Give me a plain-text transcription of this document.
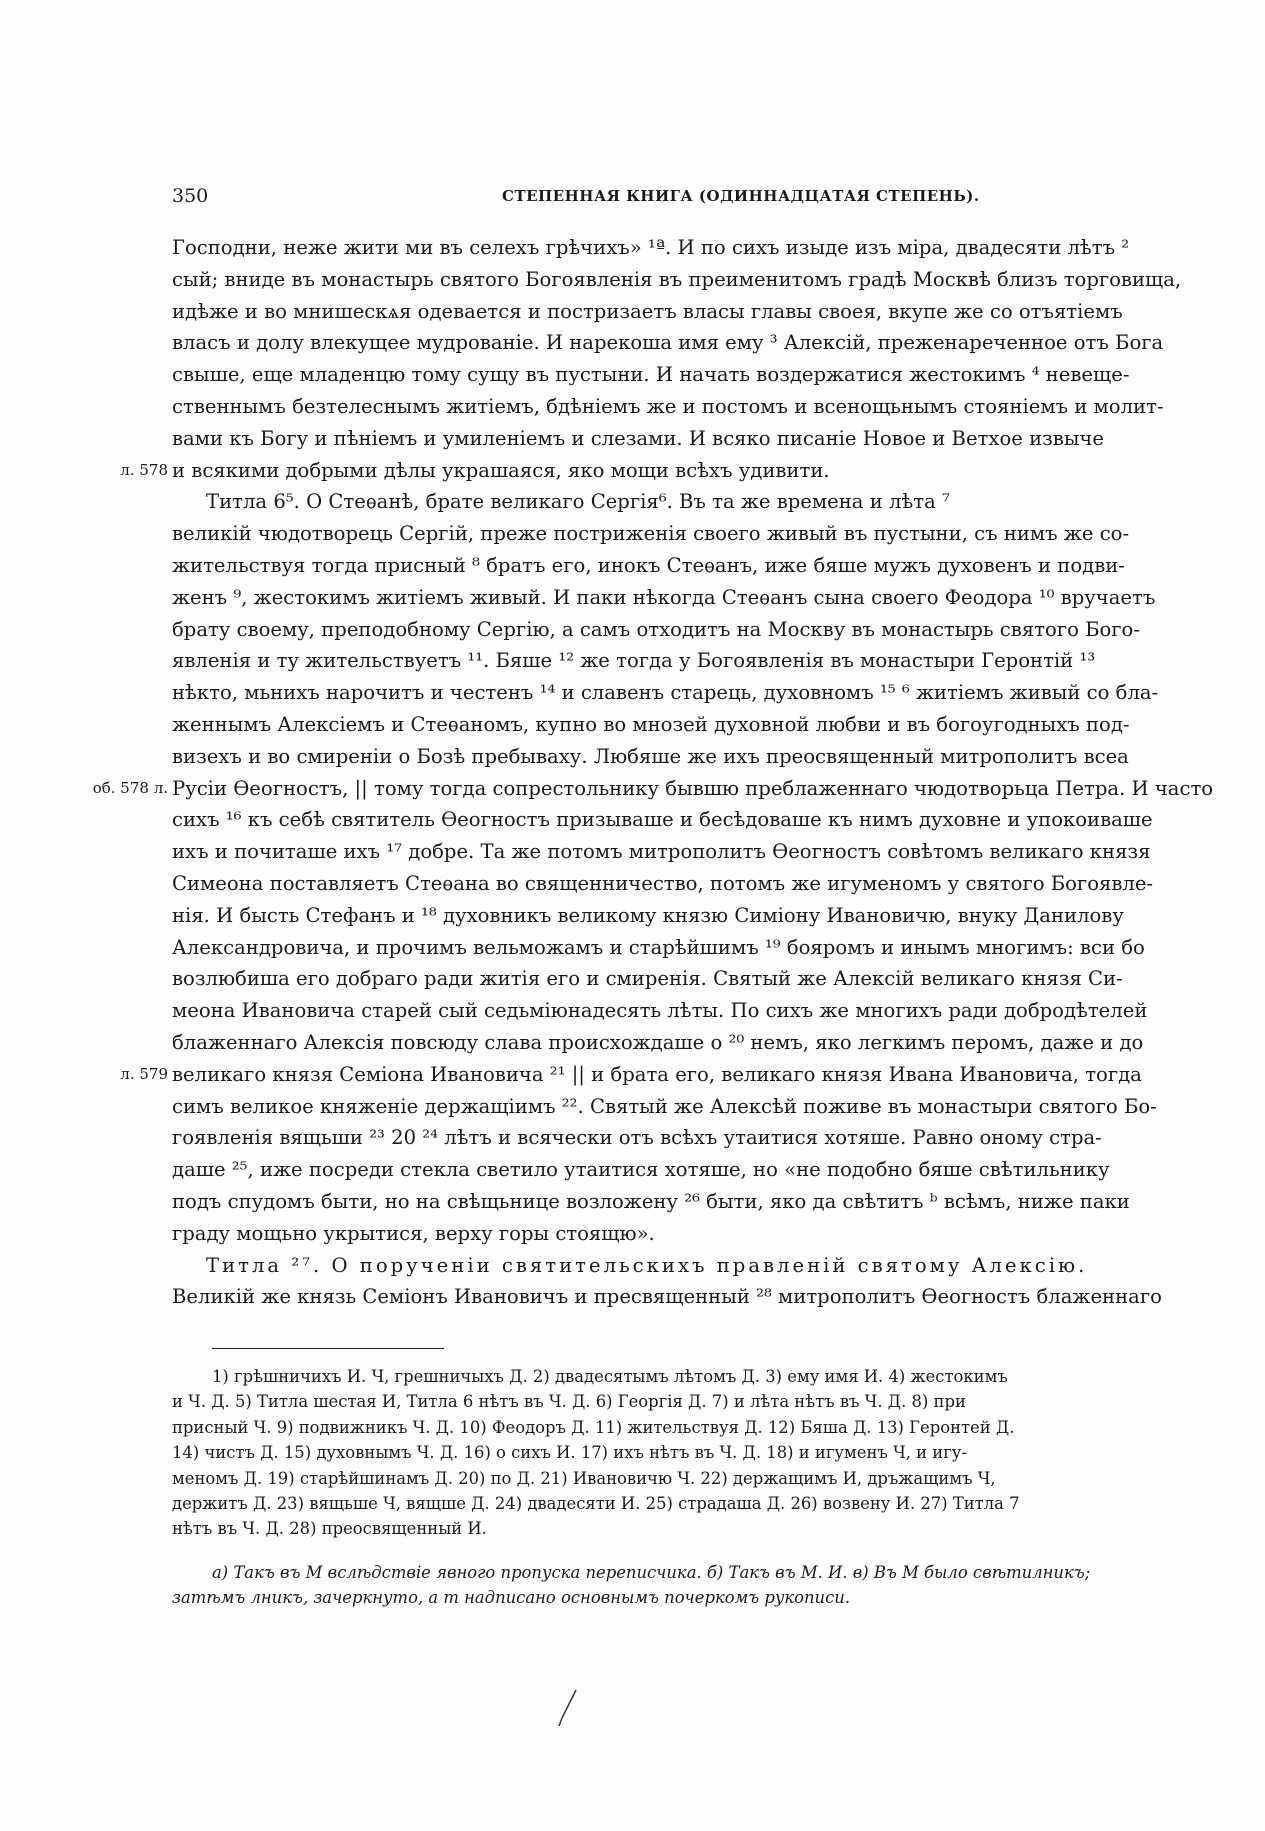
350	СТЕПЕННАЯ КНИГА (ОДИННАДЦАТАЯ СТЕПЕНЬ).
Господни, неже жити ми въ селехъ грѣчихъ» ¹ª. И по сихъ изыде изъ міра, двадесяти лѣтъ ²
сый; вниде въ монастырь святого Богоявленія въ преименитомъ градѣ Москвѣ близъ торговища,
идѣже и во мнишескѧя одевается и постризаетъ власы главы своея, вкупе же со отъятіемъ
власъ и долу влекущее мудрованіе. И нарекоша имя ему ³ Алексій, преженареченное отъ Бога
свыше, еще младенцю тому сущу въ пустыни. И начать воздержатися жестокимъ ⁴ невеще-
ственнымъ безтелеснымъ житіемъ, бдѣніемъ же и постомъ и всенощьнымъ стояніемъ и молит-
вами къ Богу и пѣніемъ и умиленіемъ и слезами. И всяко писаніе Новое и Ветхое извыче
л. 578 и всякими добрыми дѣлы украшаяся, яко мощи всѣхъ удивити.
Титла 6⁵. О Стеѳанѣ, брате великаго Сергія⁶. Въ та же времена и лѣта ⁷
великій чюдотворець Сергій, преже постриженія своего живый въ пустыни, съ нимъ же со-
жительствуя тогда присный ⁸ братъ его, инокъ Стеѳанъ, иже бяше мужъ духовенъ и подви-
женъ ⁹, жестокимъ житіемъ живый. И паки нѣкогда Стеѳанъ сына своего Феодора ¹⁰ вручаетъ
брату своему, преподобному Сергію, а самъ отходитъ на Москву въ монастырь святого Бого-
явленія и ту жительствуетъ ¹¹. Бяше ¹² же тогда у Богоявленія въ монастыри Геронтій ¹³
нѣкто, мьнихъ нарочитъ и честенъ ¹⁴ и славенъ старець, духовномъ ¹⁵ ⁶ житіемъ живый со бла-
женнымъ Алексіемъ и Стеѳаномъ, купно во мнозей духовной любви и въ богоугодныхъ под-
визехъ и во смиреніи о Бозѣ пребываху. Любяше же ихъ преосвященный митрополитъ всеа
об. 578 л. Русіи Ѳеогностъ, || тому тогда сопрестольнику бывшю преблаженнаго чюдотворьца Петра. И часто
сихъ ¹⁶ къ себѣ святитель Ѳеогностъ призываше и бесѣдоваше къ нимъ духовне и упокоиваше
ихъ и почиташе ихъ ¹⁷ добре. Та же потомъ митрополитъ Ѳеогностъ совѣтомъ великаго князя
Симеона поставляетъ Стеѳана во священничество, потомъ же игуменомъ у святого Богоявле-
нія. И бысть Стефанъ и ¹⁸ духовникъ великому князю Симіону Ивановичю, внуку Данилову
Александровича, и прочимъ вельможамъ и старѣйшимъ ¹⁹ бояромъ и инымъ многимъ: вси бо
возлюбиша его добраго ради житія его и смиренія. Святый же Алексій великаго князя Си-
меона Ивановича старей сый седьміюнадесять лѣты. По сихъ же многихъ ради добродѣтелей
блаженнаго Алексія повсюду слава происхождаше о ²⁰ немъ, яко легкимъ перомъ, даже и до
л. 579 великаго князя Семіона Ивановича ²¹ || и брата его, великаго князя Ивана Ивановича, тогда
симъ великое княженіе держащіимъ ²². Святый же Алексѣй поживе въ монастыри святого Бо-
гоявленія вящьши ²³ 20 ²⁴ лѣтъ и всячески отъ всѣхъ утаитися хотяше. Равно оному стра-
даше ²⁵, иже посреди стекла светило утаитися хотяше, но «не подобно бяше свѣтильнику
подъ спудомъ быти, но на свѣщьнице возложену ²⁶ быти, яко да свѣтитъ ᵇ всѣмъ, ниже паки
граду мощьно укрытися, верху горы стоящю».
Титла ²⁷. О порученіи святительскихъ правленій святому Алексію.
Великій же князь Семіонъ Ивановичъ и пресвященный ²⁸ митрополитъ Ѳеогностъ блаженнаго
1) грѣшничихъ И. Ч, грешничыхъ Д. 2) двадесятымъ лѣтомъ Д. 3) ему имя И. 4) жестокимъ
и Ч. Д. 5) Титла шестая И, Титла 6 нѣтъ въ Ч. Д. 6) Георгія Д. 7) и лѣта нѣтъ въ Ч. Д. 8) при
присный Ч. 9) подвижникъ Ч. Д. 10) Феодоръ Д. 11) жительствуя Д. 12) Бяша Д. 13) Геронтей Д.
14) чистъ Д. 15) духовнымъ Ч. Д. 16) о сихъ И. 17) ихъ нѣтъ въ Ч. Д. 18) и игуменъ Ч, и игу-
меномъ Д. 19) старѣйшинамъ Д. 20) по Д. 21) Ивановичю Ч. 22) держащимъ И, дръжащимъ Ч,
держитъ Д. 23) вящьше Ч, вящше Д. 24) двадесяти И. 25) страдаша Д. 26) возвену И. 27) Титла 7
нѣтъ въ Ч. Д. 28) преосвященный И.
а) Такъ въ М вслѣдствіе явного пропуска переписчика. б) Такъ въ М. И. в) Въ М было свѣтилникъ;
затѣмъ лникъ, зачеркнуто, а т надписано основнымъ почеркомъ рукописи.
